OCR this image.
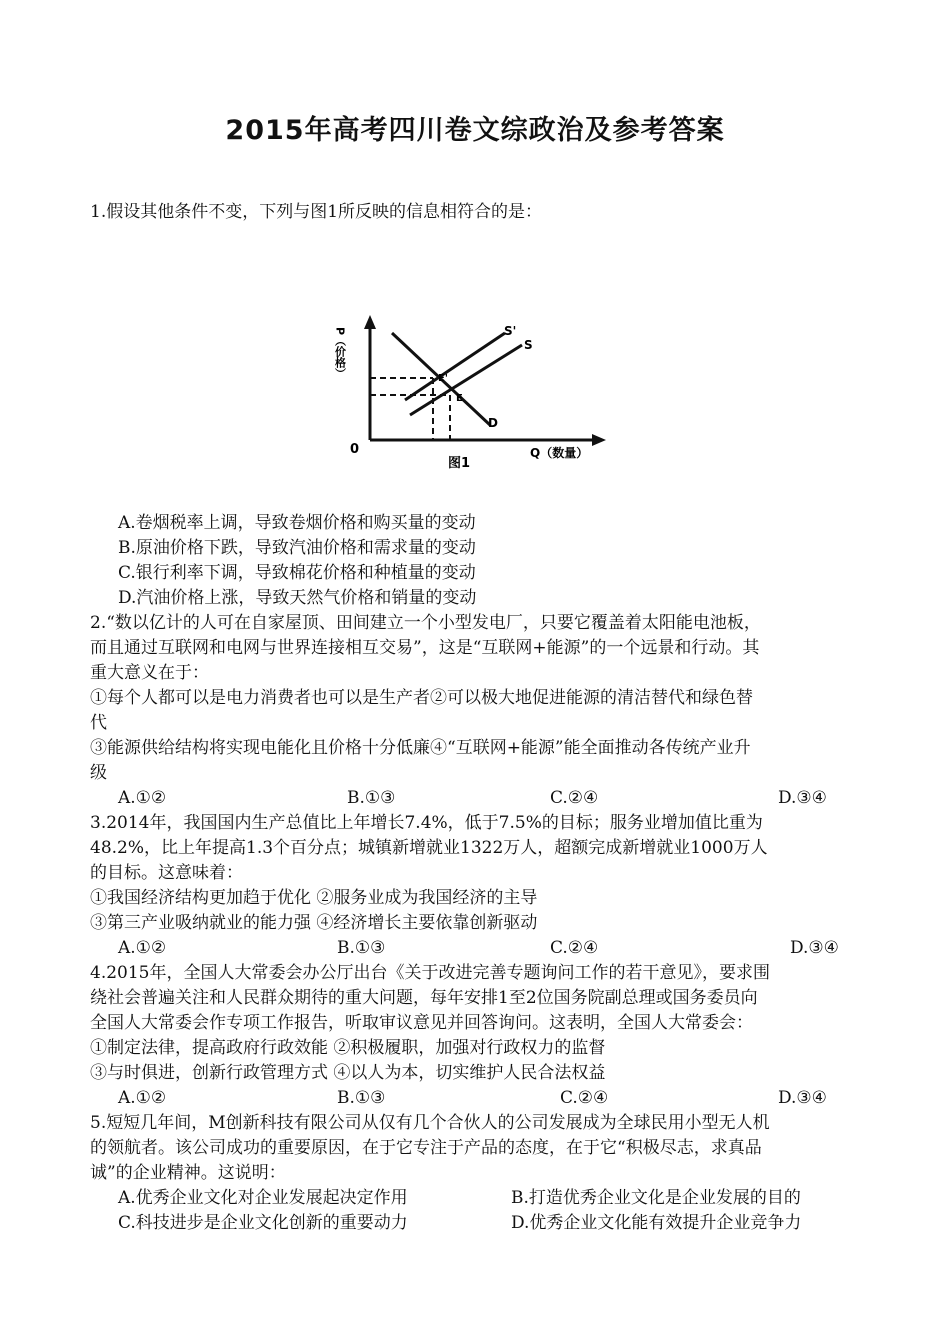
2015年高考四川卷文综政治及参考答案
1.假设其他条件不变，下列与图1所反映的信息相符合的是：
P（价格）
0	Q（数量）
图1
S'
S
D
E'
E
A.卷烟税率上调，导致卷烟价格和购买量的变动
B.原油价格下跌，导致汽油价格和需求量的变动
C.银行利率下调，导致棉花价格和种植量的变动
D.汽油价格上涨，导致天然气价格和销量的变动
2.“数以亿计的人可在自家屋顶、田间建立一个小型发电厂，只要它覆盖着太阳能电池板，
而且通过互联网和电网与世界连接相互交易”，这是“互联网+能源”的一个远景和行动。其
重大意义在于：
①每个人都可以是电力消费者也可以是生产者②可以极大地促进能源的清洁替代和绿色替
代
③能源供给结构将实现电能化且价格十分低廉④“互联网+能源”能全面推动各传统产业升
级
A.①②	B.①③	C.②④	D.③④
3.2014年，我国国内生产总值比上年增长7.4%，低于7.5%的目标；服务业增加值比重为
48.2%，比上年提高1.3个百分点；城镇新增就业1322万人，超额完成新增就业1000万人
的目标。这意味着：
①我国经济结构更加趋于优化 ②服务业成为我国经济的主导
③第三产业吸纳就业的能力强 ④经济增长主要依靠创新驱动
A.①②	B.①③	C.②④	D.③④
4.2015年，全国人大常委会办公厅出台《关于改进完善专题询问工作的若干意见》，要求围
绕社会普遍关注和人民群众期待的重大问题，每年安排1至2位国务院副总理或国务委员向
全国人大常委会作专项工作报告，听取审议意见并回答询问。这表明，全国人大常委会：
①制定法律，提高政府行政效能 ②积极履职，加强对行政权力的监督
③与时俱进，创新行政管理方式 ④以人为本，切实维护人民合法权益
A.①②	B.①③	C.②④	D.③④
5.短短几年间，M创新科技有限公司从仅有几个合伙人的公司发展成为全球民用小型无人机
的领航者。该公司成功的重要原因，在于它专注于产品的态度，在于它“积极尽志，求真品
诚”的企业精神。这说明：
A.优秀企业文化对企业发展起决定作用	B.打造优秀企业文化是企业发展的目的
C.科技进步是企业文化创新的重要动力	D.优秀企业文化能有效提升企业竞争力
